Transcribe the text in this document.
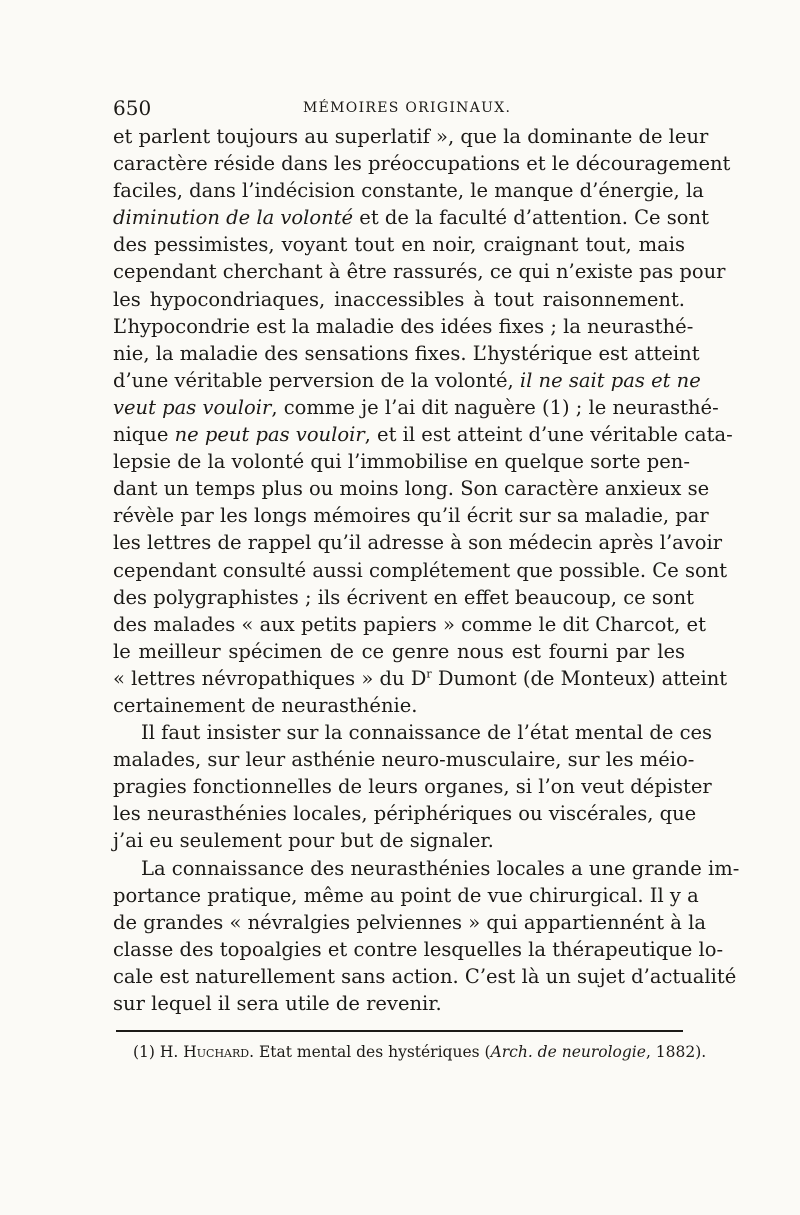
650	MÉMOIRES ORIGINAUX.
et parlent toujours au superlatif », que la dominante de leur
caractère réside dans les préoccupations et le découragement
faciles, dans l’indécision constante, le manque d’énergie, la
diminution de la volonté et de la faculté d’attention. Ce sont
des pessimistes, voyant tout en noir, craignant tout, mais
cependant cherchant à être rassurés, ce qui n’existe pas pour
les hypocondriaques, inaccessibles à tout raisonnement.
L’hypocondrie est la maladie des idées fixes ; la neurasthé-
nie, la maladie des sensations fixes. L’hystérique est atteint
d’une véritable perversion de la volonté, il ne sait pas et ne
veut pas vouloir, comme je l’ai dit naguère (1) ; le neurasthé-
nique ne peut pas vouloir, et il est atteint d’une véritable cata-
lepsie de la volonté qui l’immobilise en quelque sorte pen-
dant un temps plus ou moins long. Son caractère anxieux se
révèle par les longs mémoires qu’il écrit sur sa maladie, par
les lettres de rappel qu’il adresse à son médecin après l’avoir
cependant consulté aussi complétement que possible. Ce sont
des polygraphistes ; ils écrivent en effet beaucoup, ce sont
des malades « aux petits papiers » comme le dit Charcot, et
le meilleur spécimen de ce genre nous est fourni par les
« lettres névropathiques » du $D^r$ Dumont (de Monteux) atteint
certainement de neurasthénie.
Il faut insister sur la connaissance de l’état mental de ces
malades, sur leur asthénie neuro-musculaire, sur les méio-
pragies fonctionnelles de leurs organes, si l’on veut dépister
les neurasthénies locales, périphériques ou viscérales, que
j’ai eu seulement pour but de signaler.
La connaissance des neurasthénies locales a une grande im-
portance pratique, même au point de vue chirurgical. Il y a
de grandes « névralgies pelviennes » qui appartiennént à la
classe des topoalgies et contre lesquelles la thérapeutique lo-
cale est naturellement sans action. C’est là un sujet d’actualité
sur lequel il sera utile de revenir.
(1) H. Huchard. Etat mental des hystériques (Arch. de neurologie, 1882).
